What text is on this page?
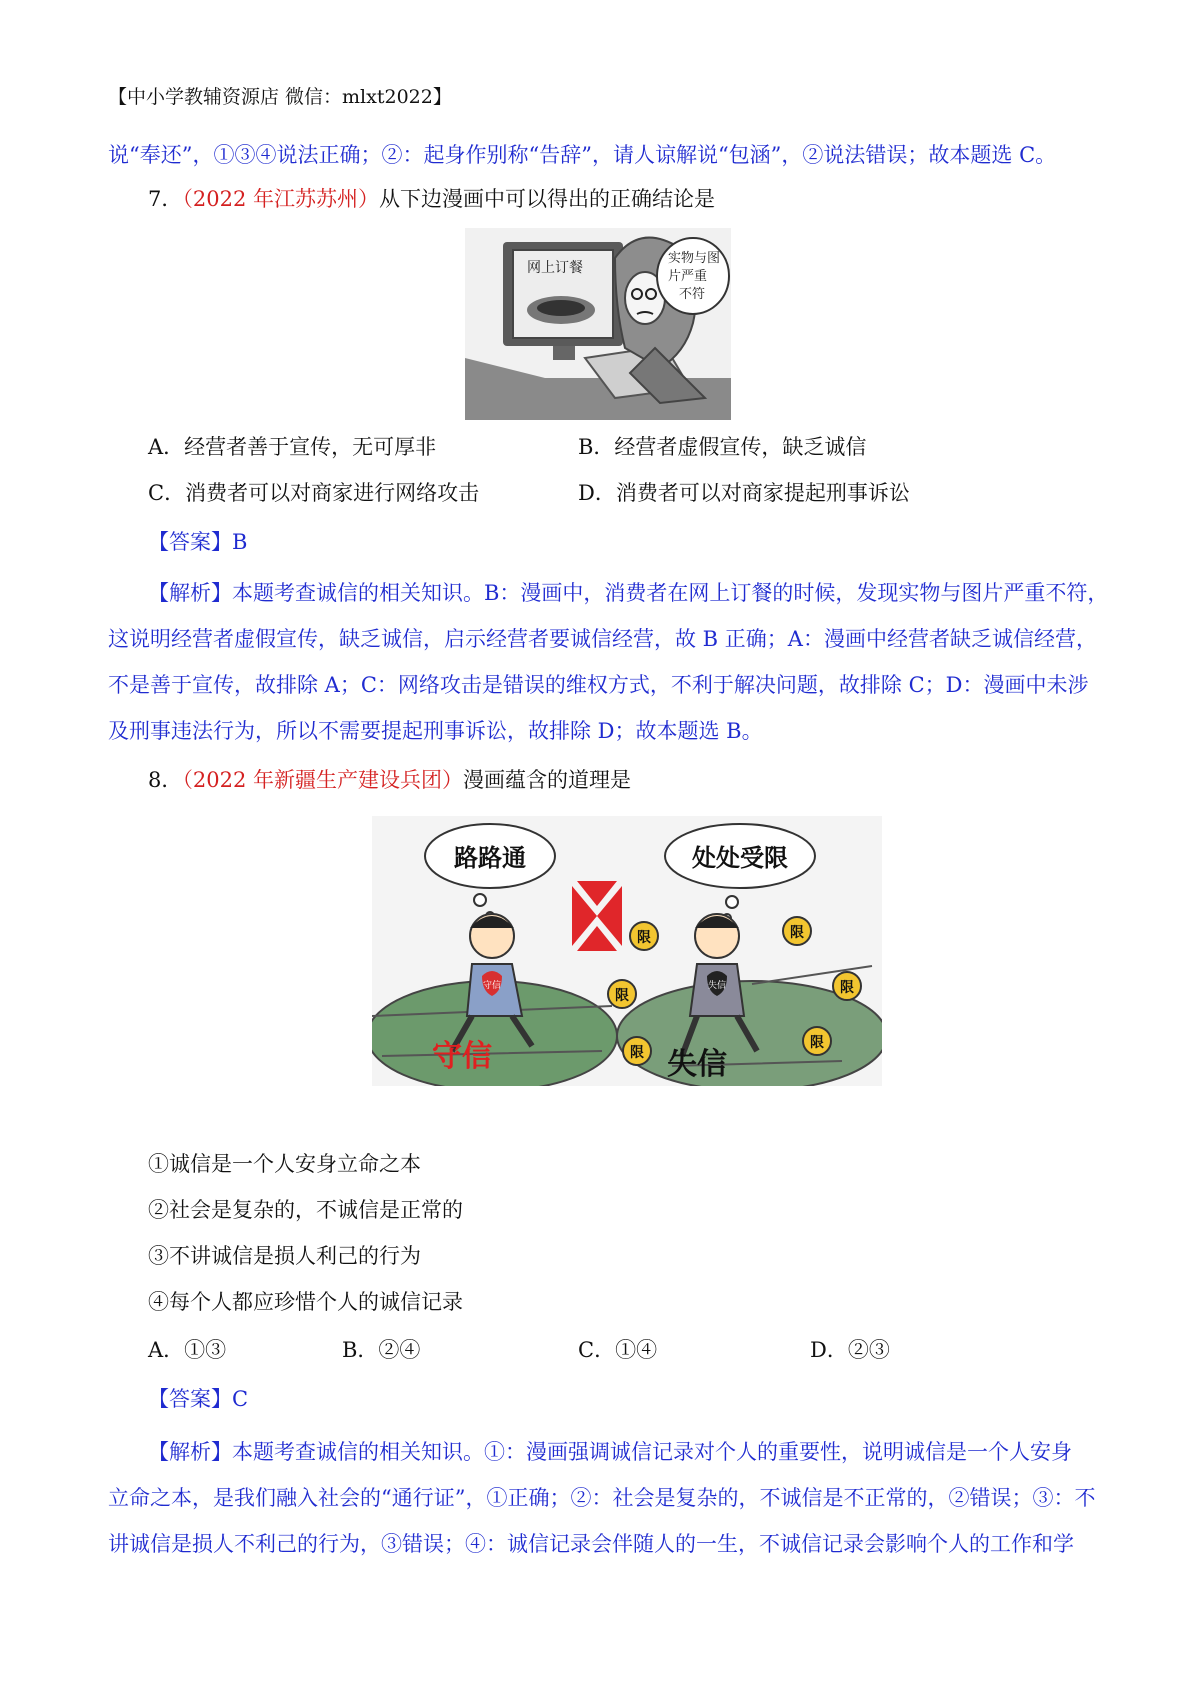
【中小学教辅资源店 微信：mlxt2022】
说“奉还”，①③④说法正确；②：起身作别称“告辞”，请人谅解说“包涵”，②说法错误；故本题选 C。
7．（2022 年江苏苏州）从下边漫画中可以得出的正确结论是
网上订餐
实物与图 片严重 不符
A．经营者善于宣传，无可厚非	B．经营者虚假宣传，缺乏诚信
C．消费者可以对商家进行网络攻击	D．消费者可以对商家提起刑事诉讼
【答案】B
【解析】本题考查诚信的相关知识。B：漫画中，消费者在网上订餐的时候，发现实物与图片严重不符，
这说明经营者虚假宣传，缺乏诚信，启示经营者要诚信经营，故 B 正确；A：漫画中经营者缺乏诚信经营，
不是善于宣传，故排除 A；C：网络攻击是错误的维权方式，不利于解决问题，故排除 C；D：漫画中未涉
及刑事违法行为，所以不需要提起刑事诉讼，故排除 D；故本题选 B。
8．（2022 年新疆生产建设兵团）漫画蕴含的道理是
路路通	处处受限
守信
守信
失信
失信
限	限
限	限
限
限
①诚信是一个人安身立命之本
②社会是复杂的，不诚信是正常的
③不讲诚信是损人利己的行为
④每个人都应珍惜个人的诚信记录
A．①③	B．②④	C．①④	D．②③
【答案】C
【解析】本题考查诚信的相关知识。①：漫画强调诚信记录对个人的重要性，说明诚信是一个人安身
立命之本，是我们融入社会的“通行证”，①正确；②：社会是复杂的，不诚信是不正常的，②错误；③：不
讲诚信是损人不利己的行为，③错误；④：诚信记录会伴随人的一生，不诚信记录会影响个人的工作和学
